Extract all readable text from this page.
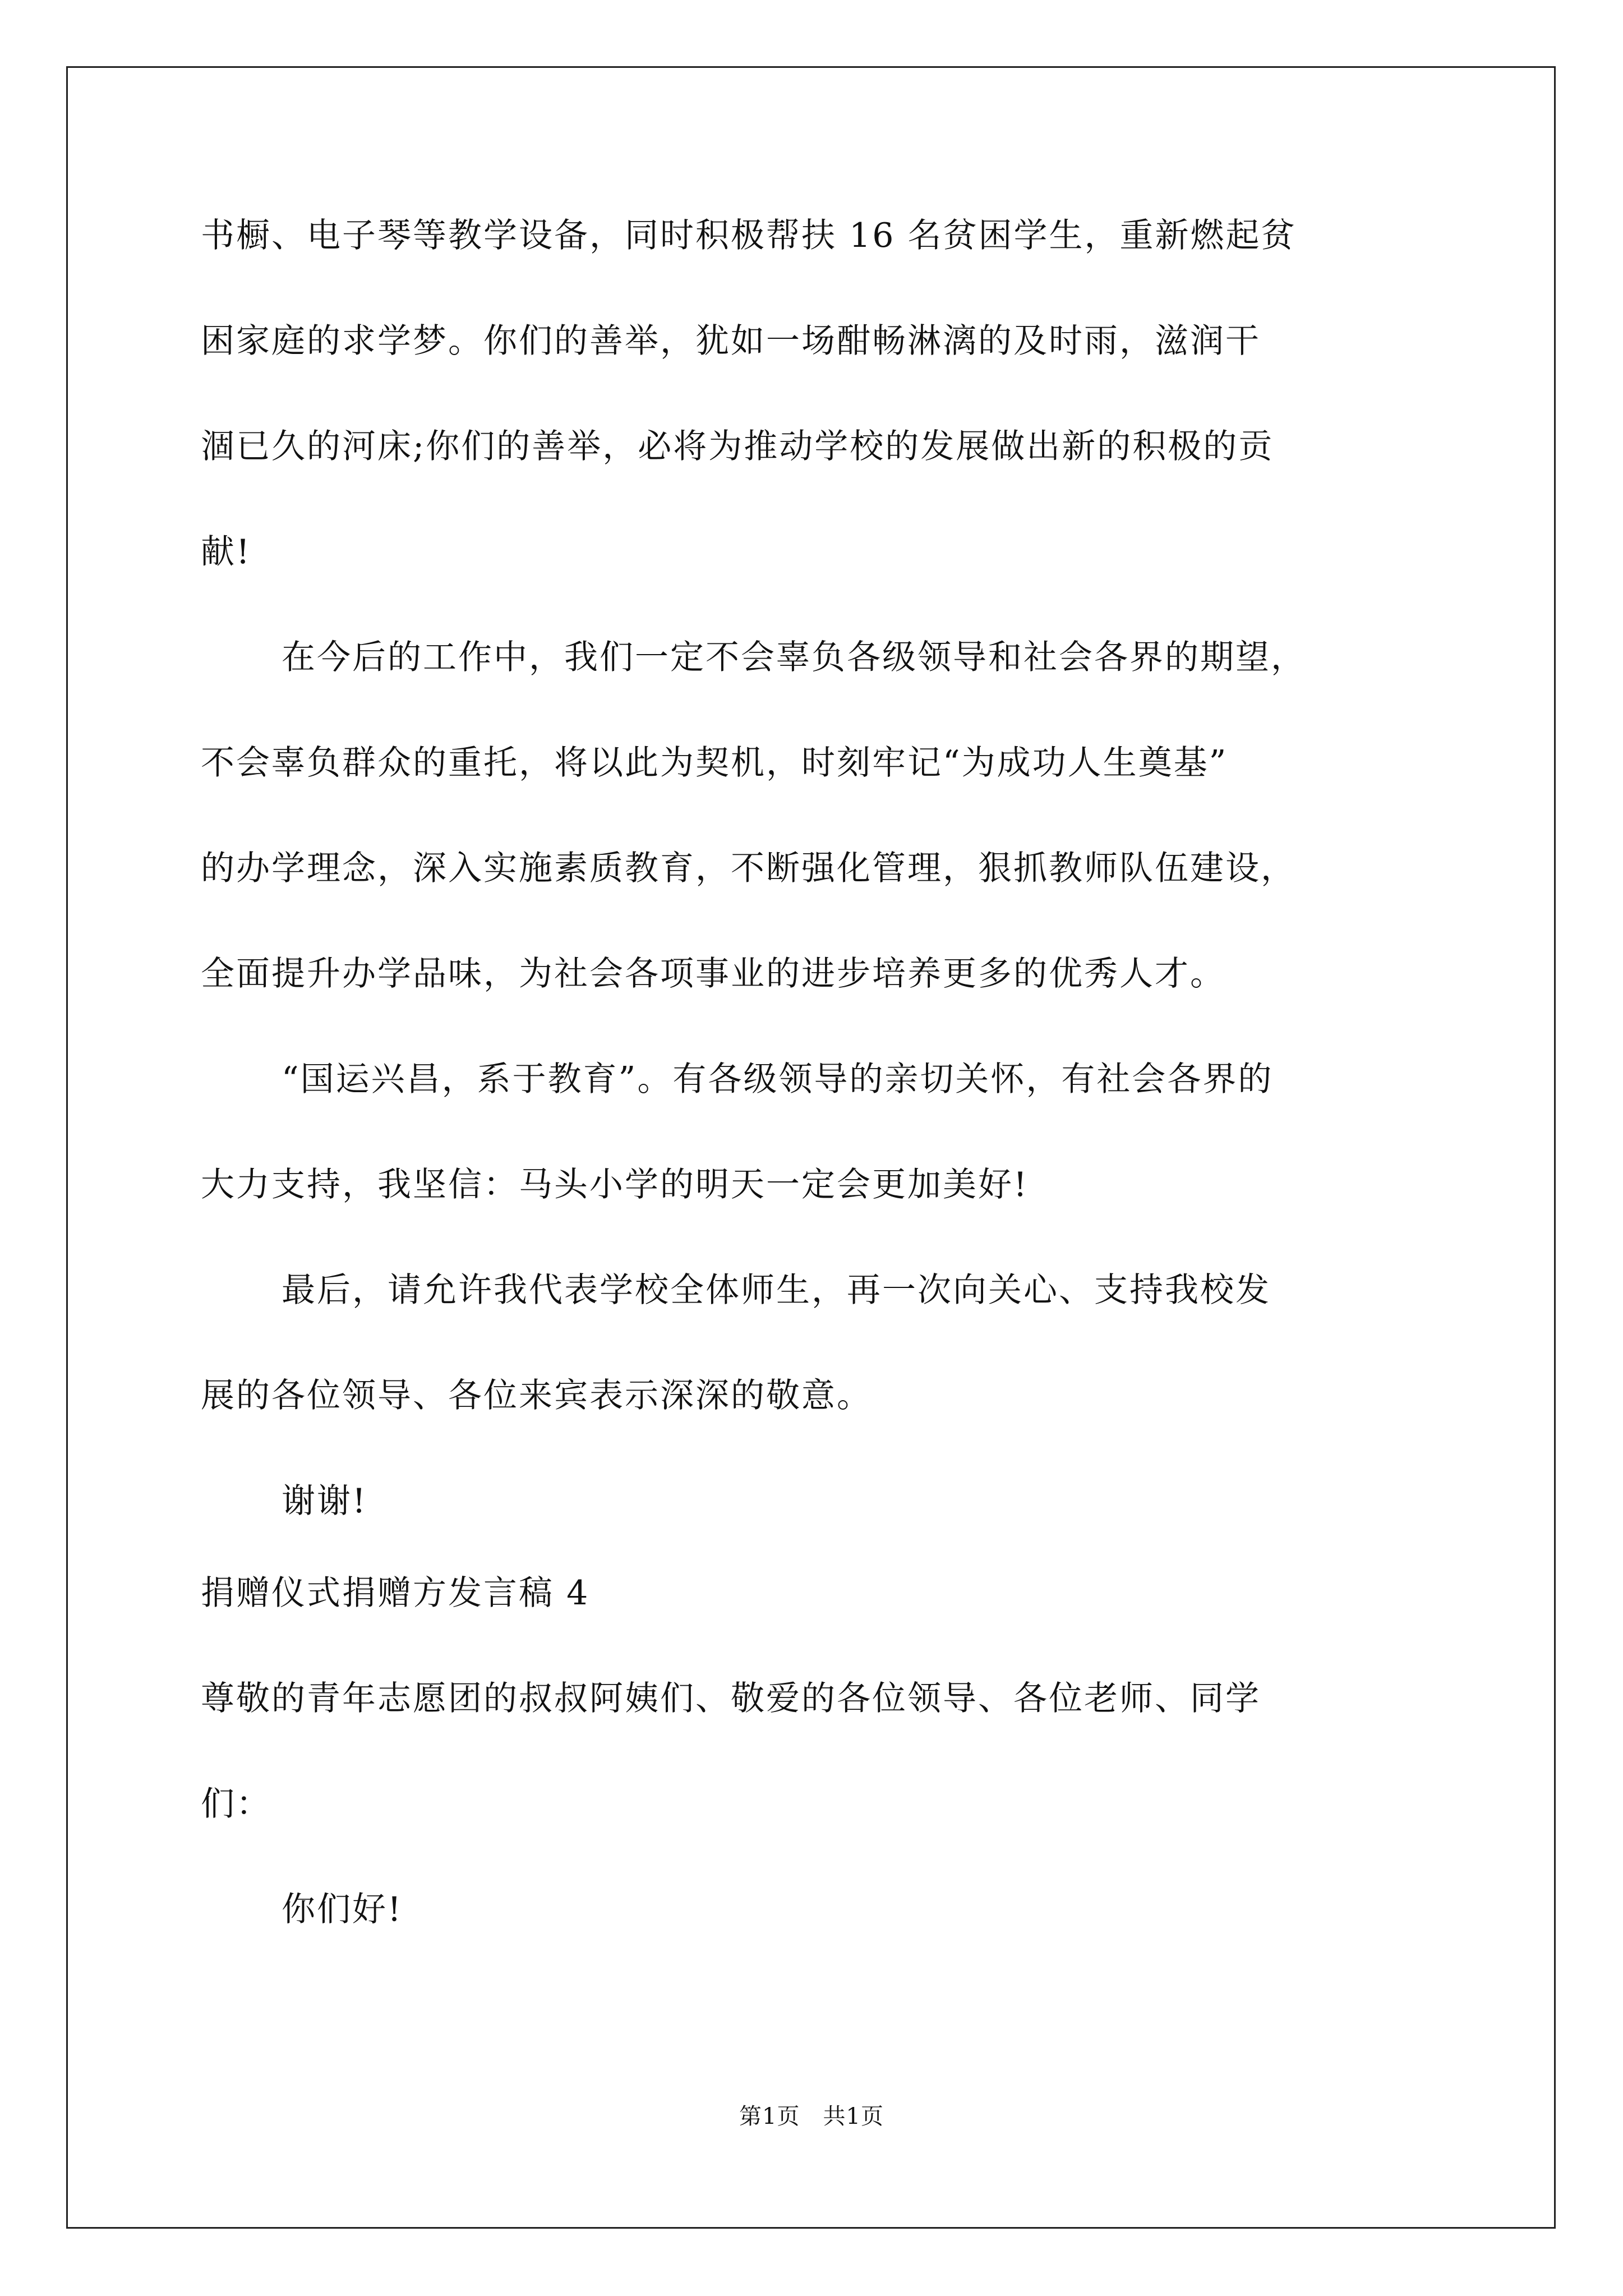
书橱、电子琴等教学设备，同时积极帮扶 16 名贫困学生，重新燃起贫
困家庭的求学梦。你们的善举，犹如一场酣畅淋漓的及时雨，滋润干
涸已久的河床;你们的善举，必将为推动学校的发展做出新的积极的贡
献!
在今后的工作中，我们一定不会辜负各级领导和社会各界的期望，
不会辜负群众的重托，将以此为契机，时刻牢记“为成功人生奠基”
的办学理念，深入实施素质教育，不断强化管理，狠抓教师队伍建设，
全面提升办学品味，为社会各项事业的进步培养更多的优秀人才。
“国运兴昌，系于教育”。有各级领导的亲切关怀，有社会各界的
大力支持，我坚信：马头小学的明天一定会更加美好!
最后，请允许我代表学校全体师生，再一次向关心、支持我校发
展的各位领导、各位来宾表示深深的敬意。
谢谢!
捐赠仪式捐赠方发言稿 4
尊敬的青年志愿团的叔叔阿姨们、敬爱的各位领导、各位老师、同学
们：
你们好!
第1页　共1页
